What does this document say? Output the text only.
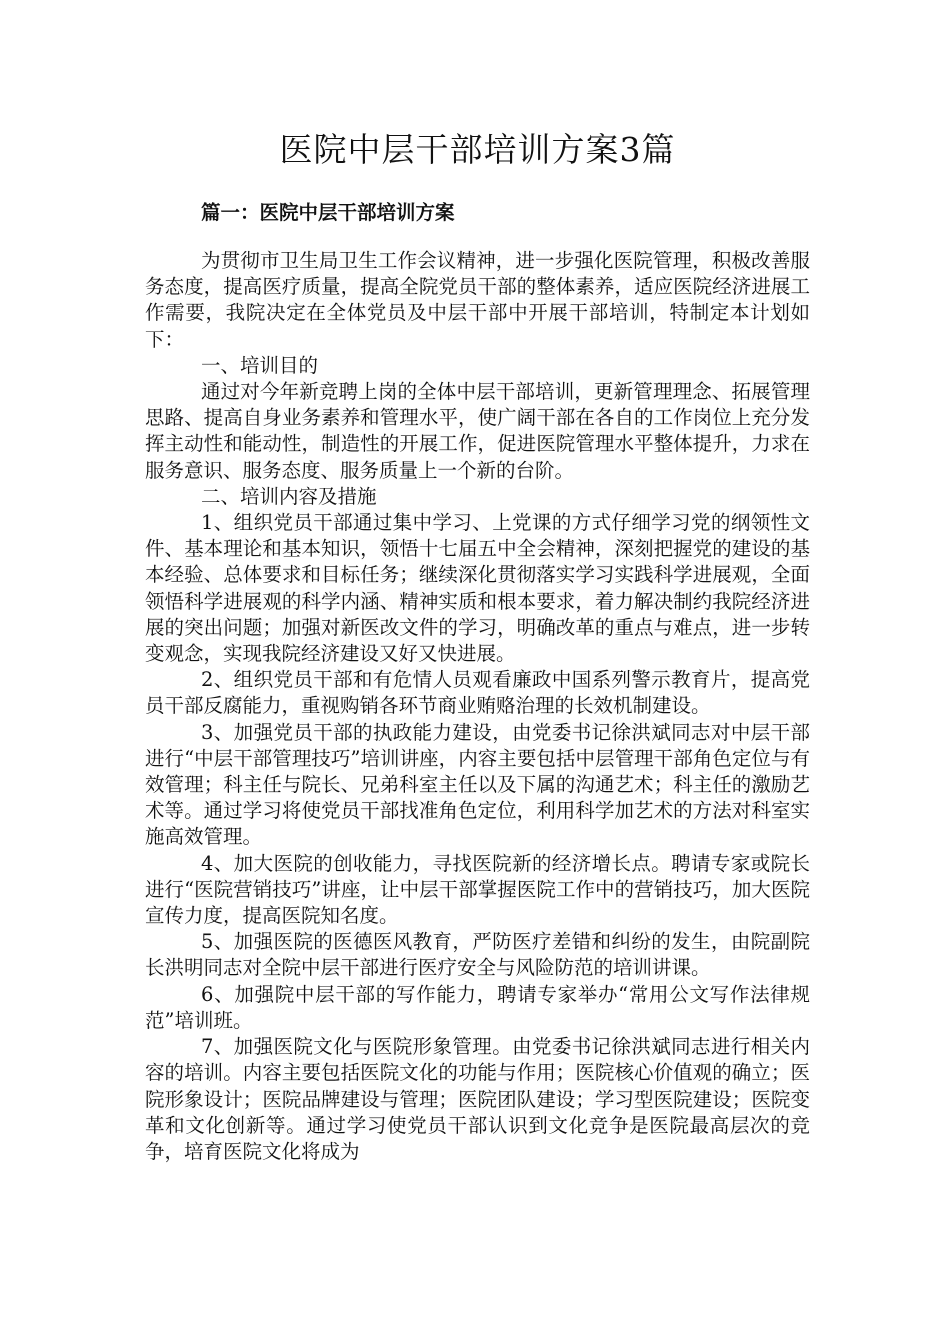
医院中层干部培训方案3篇
篇一：医院中层干部培训方案

为贯彻市卫生局卫生工作会议精神，进一步强化医院管理，积极改善服务态度，提高医疗质量，提高全院党员干部的整体素养，适应医院经济进展工作需要，我院决定在全体党员及中层干部中开展干部培训，特制定本计划如下：

一、培训目的

通过对今年新竞聘上岗的全体中层干部培训，更新管理理念、拓展管理思路、提高自身业务素养和管理水平，使广阔干部在各自的工作岗位上充分发挥主动性和能动性，制造性的开展工作，促进医院管理水平整体提升，力求在服务意识、服务态度、服务质量上一个新的台阶。

二、培训内容及措施

1、组织党员干部通过集中学习、上党课的方式仔细学习党的纲领性文件、基本理论和基本知识，领悟十七届五中全会精神，深刻把握党的建设的基本经验、总体要求和目标任务；继续深化贯彻落实学习实践科学进展观，全面领悟科学进展观的科学内涵、精神实质和根本要求，着力解决制约我院经济进展的突出问题；加强对新医改文件的学习，明确改革的重点与难点，进一步转变观念，实现我院经济建设又好又快进展。

2、组织党员干部和有危情人员观看廉政中国系列警示教育片，提高党员干部反腐能力，重视购销各环节商业贿赂治理的长效机制建设。

3、加强党员干部的执政能力建设，由党委书记徐洪斌同志对中层干部进行“中层干部管理技巧”培训讲座，内容主要包括中层管理干部角色定位与有效管理；科主任与院长、兄弟科室主任以及下属的沟通艺术；科主任的激励艺术等。通过学习将使党员干部找准角色定位，利用科学加艺术的方法对科室实施高效管理。

4、加大医院的创收能力，寻找医院新的经济增长点。聘请专家或院长进行“医院营销技巧”讲座，让中层干部掌握医院工作中的营销技巧，加大医院宣传力度，提高医院知名度。

5、加强医院的医德医风教育，严防医疗差错和纠纷的发生，由院副院长洪明同志对全院中层干部进行医疗安全与风险防范的培训讲课。

6、加强院中层干部的写作能力，聘请专家举办“常用公文写作法律规范”培训班。

7、加强医院文化与医院形象管理。由党委书记徐洪斌同志进行相关内容的培训。内容主要包括医院文化的功能与作用；医院核心价值观的确立；医院形象设计；医院品牌建设与管理；医院团队建设；学习型医院建设；医院变革和文化创新等。通过学习使党员干部认识到文化竞争是医院最高层次的竞争，培育医院文化将成为
